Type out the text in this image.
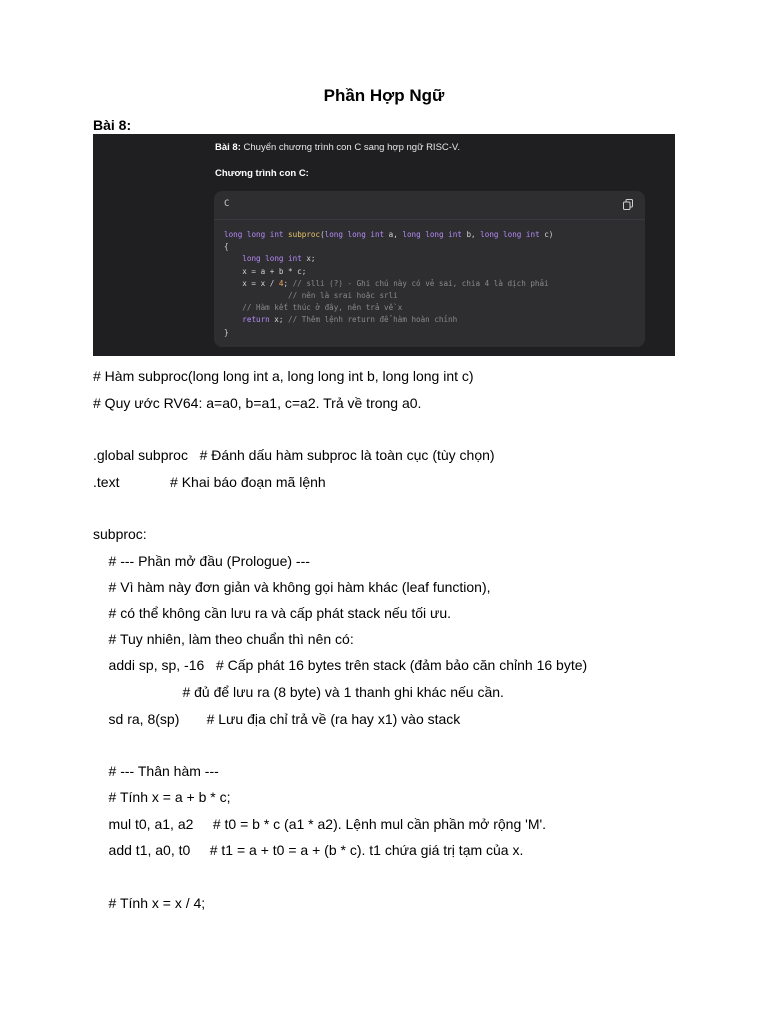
Phần Hợp Ngữ
Bài 8:
Bài 8: Chuyển chương trình con C sang hợp ngữ RISC-V.
Chương trình con C:
C
long long int subproc(long long int a, long long int b, long long int c)
{
long long int x;
x = a + b * c;
x = x / 4; // slli (?) - Ghi chú này có vẻ sai, chia 4 là dịch phải
// nên là srai hoặc srli
// Hàm kết thúc ở đây, nên trả về x
return x; // Thêm lệnh return để hàm hoàn chỉnh
}
# Hàm subproc(long long int a, long long int b, long long int c)
# Quy ước RV64: a=a0, b=a1, c=a2. Trả về trong a0.
.global subproc   # Đánh dấu hàm subproc là toàn cục (tùy chọn)
.text             # Khai báo đoạn mã lệnh
subproc:
# --- Phần mở đầu (Prologue) ---
# Vì hàm này đơn giản và không gọi hàm khác (leaf function),
# có thể không cần lưu ra và cấp phát stack nếu tối ưu.
# Tuy nhiên, làm theo chuẩn thì nên có:
addi sp, sp, -16   # Cấp phát 16 bytes trên stack (đảm bảo căn chỉnh 16 byte)
# đủ để lưu ra (8 byte) và 1 thanh ghi khác nếu cần.
sd ra, 8(sp)       # Lưu địa chỉ trả về (ra hay x1) vào stack
# --- Thân hàm ---
# Tính x = a + b * c;
mul t0, a1, a2     # t0 = b * c (a1 * a2). Lệnh mul cần phần mở rộng 'M'.
add t1, a0, t0     # t1 = a + t0 = a + (b * c). t1 chứa giá trị tạm của x.
# Tính x = x / 4;
